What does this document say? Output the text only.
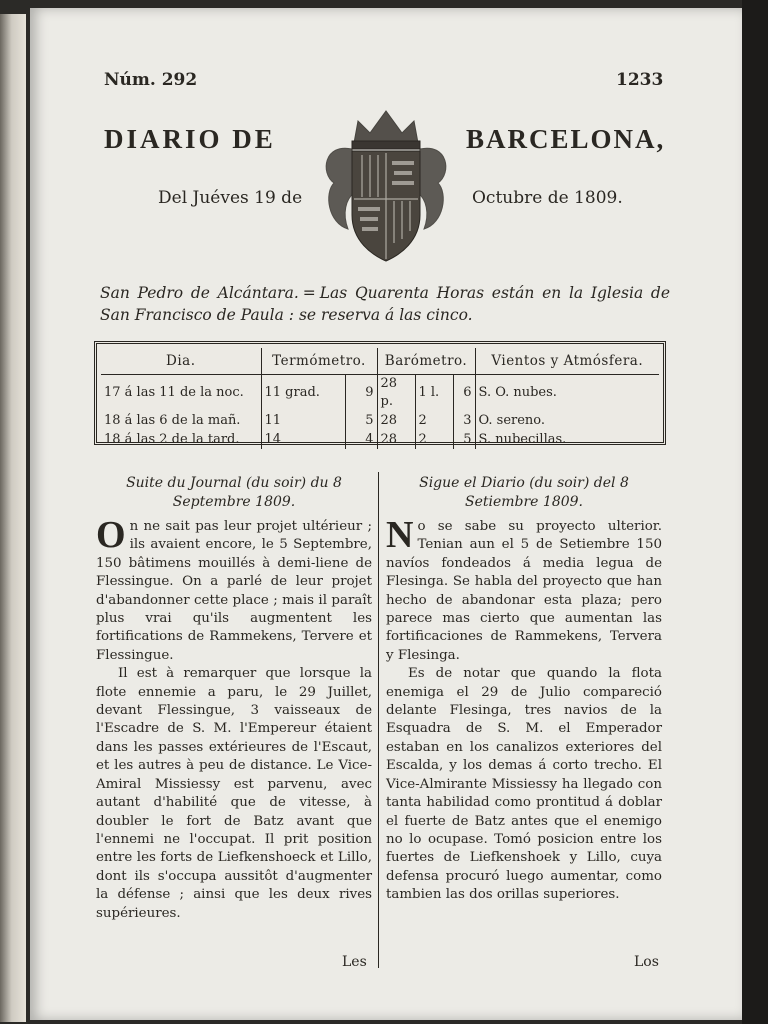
Núm. 292	1233
DIARIO DE	BARCELONA,
Del Juéves 19 de	Octubre de 1809.
San Pedro de Alcántara. = Las Quarenta Horas están en la Iglesia de San Francisco de Paula : se reserva á las cinco.
Dia.	Termómetro.		Barómetro.			Vientos y Atmósfera.
17 á las 11 de la noc.	11 grad.	9	28 p.	1 l.	6	S. O. nubes.
18 á las 6 de la mañ.	11	5	28	2	3	O. sereno.
18 á las 2 de la tard.	14	4	28	2	5	S. nubecillas.
Suite du Journal (du soir) du 8 Septembre 1809.

On ne sait pas leur projet ultérieur ; ils avaient encore, le 5 Septembre, 150 bâtimens mouillés à demi-liene de Flessingue. On a parlé de leur projet d'abandonner cette place ; mais il paraît plus vrai qu'ils augmentent les fortifications de Rammekens, Tervere et Flessingue.

Il est à remarquer que lorsque la flote ennemie a paru, le 29 Juillet, devant Flessingue, 3 vaisseaux de l'Escadre de S. M. l'Empereur étaient dans les passes extérieures de l'Escaut, et les autres à peu de distance. Le Vice-Amiral Missiessy est parvenu, avec autant d'habilité que de vitesse, à doubler le fort de Batz avant que l'ennemi ne l'occupat. Il prit position entre les forts de Liefkenshoeck et Lillo, dont ils s'occupa aussitôt d'augmenter la défense ; ainsi que les deux rives supérieures.

Sigue el Diario (du soir) del 8 Setiembre 1809.

No se sabe su proyecto ulterior. Tenian aun el 5 de Setiembre 150 navíos fondeados á media legua de Flesinga. Se habla del proyecto que han hecho de abandonar esta plaza; pero parece mas cierto que aumentan las fortificaciones de Rammekens, Tervera y Flesinga.

Es de notar que quando la flota enemiga el 29 de Julio compareció delante Flesinga, tres navios de la Esquadra de S. M. el Emperador estaban en los canalizos exteriores del Escalda, y los demas á corto trecho. El Vice-Almirante Missiessy ha llegado con tanta habilidad como prontitud á doblar el fuerte de Batz antes que el enemigo no lo ocupase. Tomó posicion entre los fuertes de Liefkenshoek y Lillo, cuya defensa procuró luego aumentar, como tambien las dos orillas superiores.

Les	Los
